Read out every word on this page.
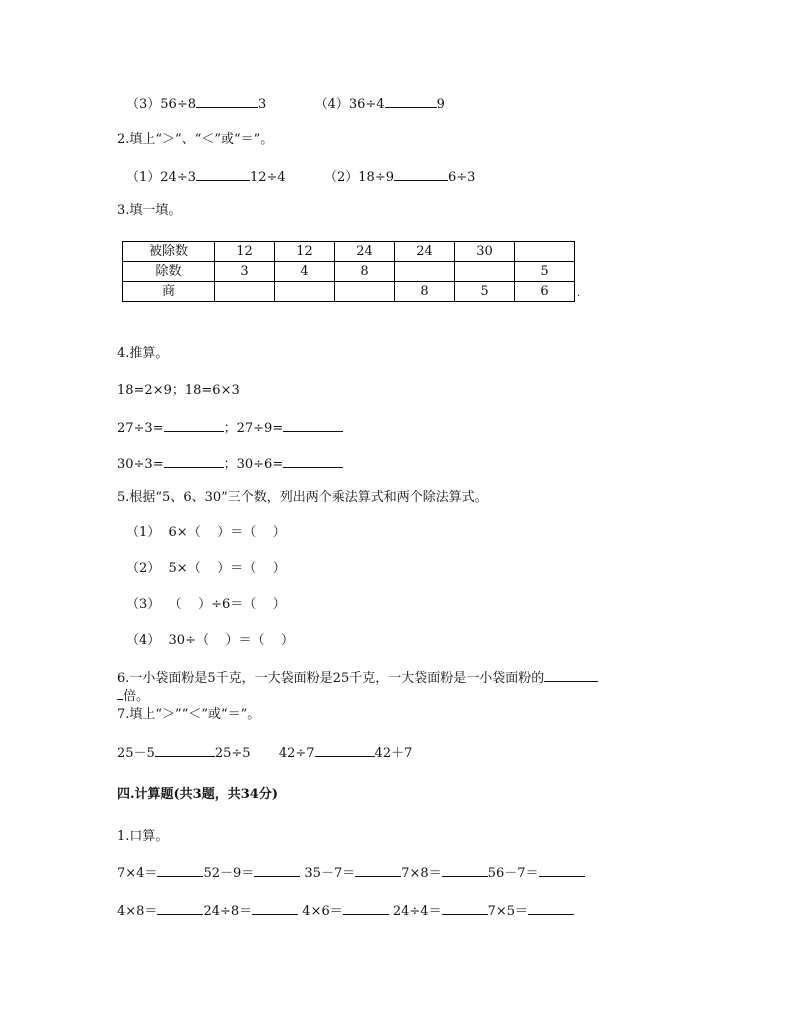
（3）56÷8	3	（4）36÷4	9
2.填上“＞”、“＜”或“＝”。
（1）24÷3	12÷4	（2）18÷9	6÷3
3.填一填。
被除数	12	12	24	24	30	
除数	3	4	8			5
商				8	5	6	.
4.推算。
18=2×9；18=6×3
27÷3=	；27÷9=
30÷3=	；30÷6=
5.根据“5、6、30”三个数，列出两个乘法算式和两个除法算式。
（1）  6×（    ）＝（    ）
（2）  5×（    ）＝（    ）
（3）  （    ）÷6＝（    ）
（4）  30÷（    ）＝（    ）
6.一小袋面粉是5千克，一大袋面粉是25千克，一大袋面粉是一小袋面粉的
倍。
7.填上“＞”“＜”或“＝”。
25－5	25÷5 42÷7	42＋7
四.计算题(共3题，共34分)
1.口算。
7×4＝	52－9＝	35－7＝	7×8＝	56－7＝
4×8＝	24÷8＝	4×6＝	24÷4＝	7×5＝
